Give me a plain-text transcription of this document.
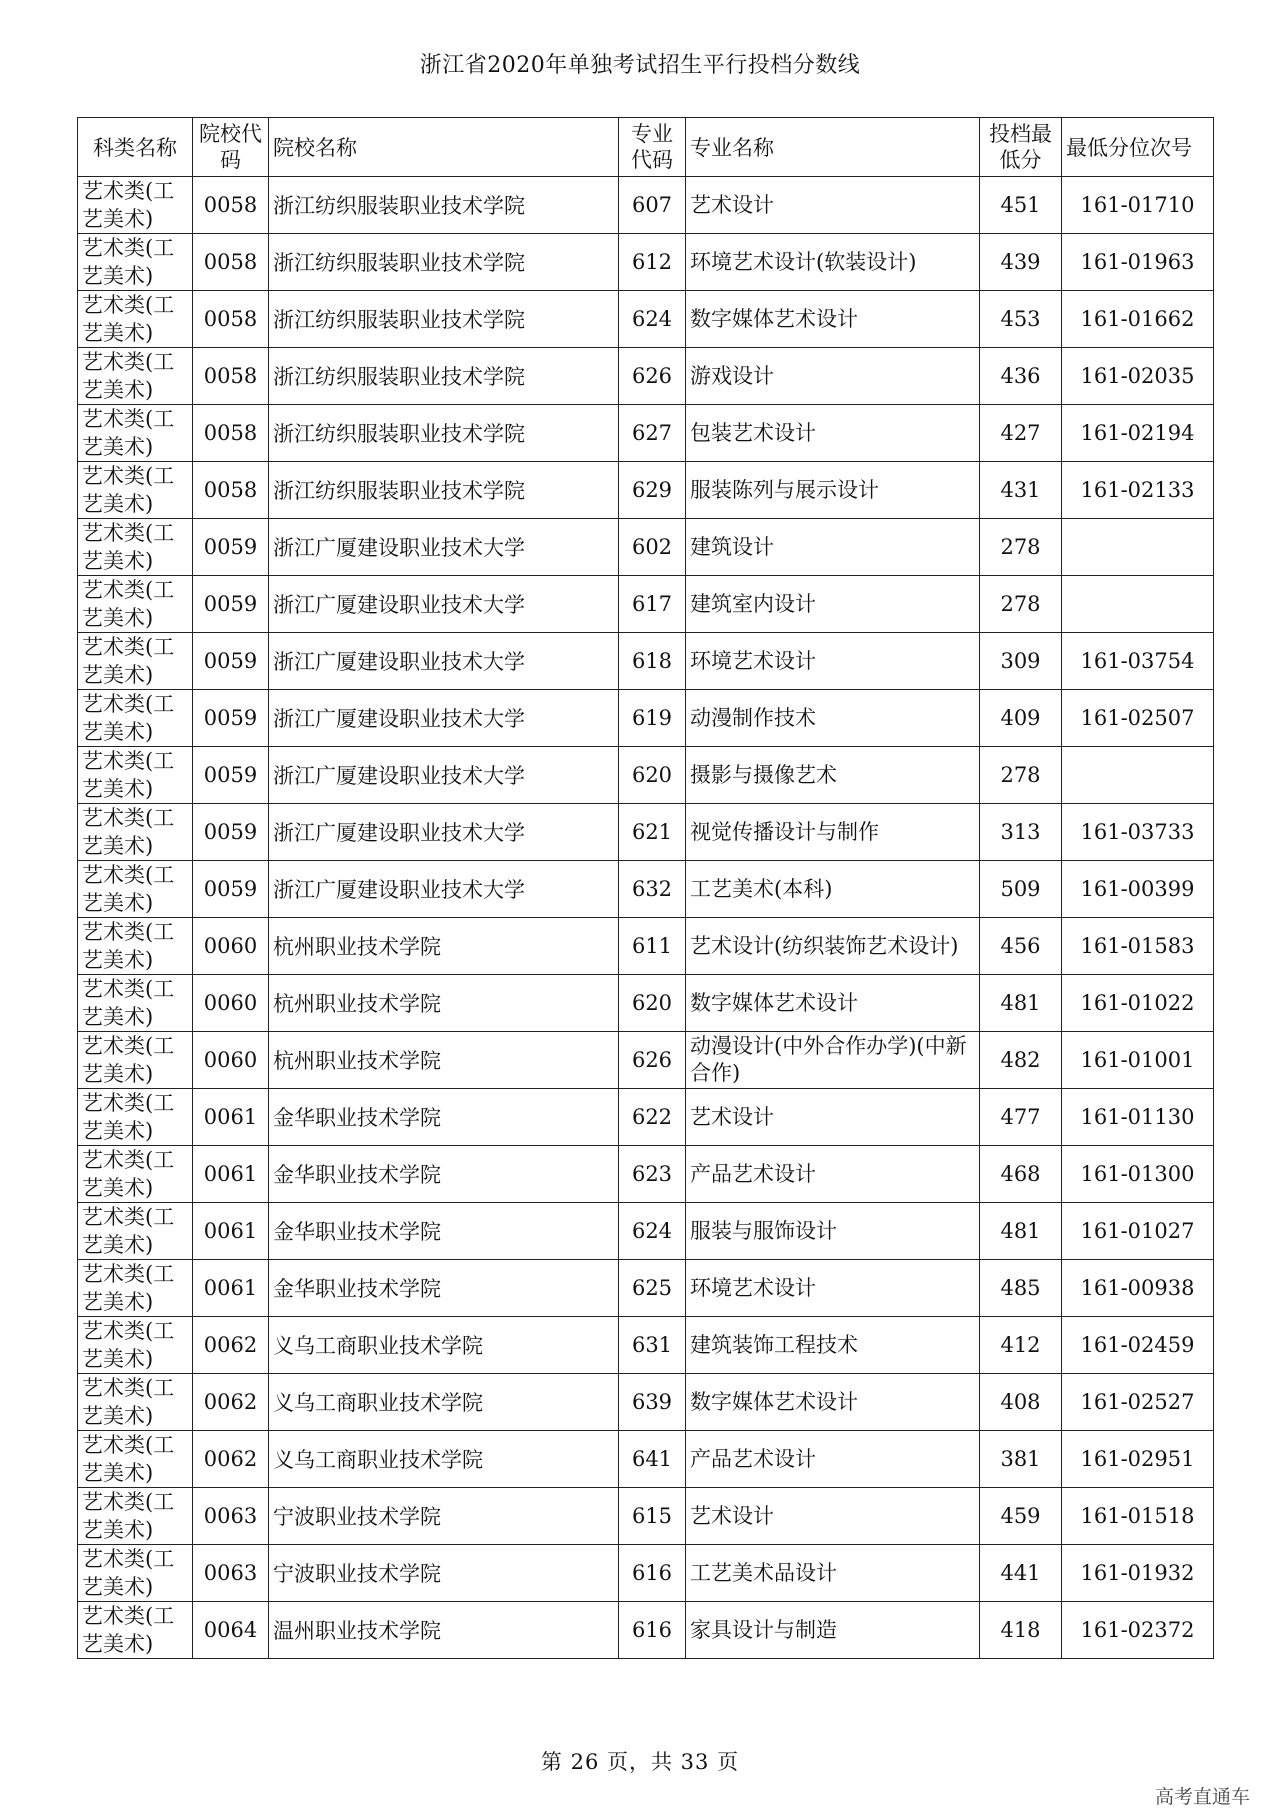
浙江省2020年单独考试招生平行投档分数线
科类名称	院校代码	院校名称	专业代码	专业名称	投档最低分	最低分位次号
艺术类(工艺美术)	0058	浙江纺织服装职业技术学院	607	艺术设计	451	161-01710
艺术类(工艺美术)	0058	浙江纺织服装职业技术学院	612	环境艺术设计(软装设计)	439	161-01963
艺术类(工艺美术)	0058	浙江纺织服装职业技术学院	624	数字媒体艺术设计	453	161-01662
艺术类(工艺美术)	0058	浙江纺织服装职业技术学院	626	游戏设计	436	161-02035
艺术类(工艺美术)	0058	浙江纺织服装职业技术学院	627	包装艺术设计	427	161-02194
艺术类(工艺美术)	0058	浙江纺织服装职业技术学院	629	服装陈列与展示设计	431	161-02133
艺术类(工艺美术)	0059	浙江广厦建设职业技术大学	602	建筑设计	278	
艺术类(工艺美术)	0059	浙江广厦建设职业技术大学	617	建筑室内设计	278	
艺术类(工艺美术)	0059	浙江广厦建设职业技术大学	618	环境艺术设计	309	161-03754
艺术类(工艺美术)	0059	浙江广厦建设职业技术大学	619	动漫制作技术	409	161-02507
艺术类(工艺美术)	0059	浙江广厦建设职业技术大学	620	摄影与摄像艺术	278	
艺术类(工艺美术)	0059	浙江广厦建设职业技术大学	621	视觉传播设计与制作	313	161-03733
艺术类(工艺美术)	0059	浙江广厦建设职业技术大学	632	工艺美术(本科)	509	161-00399
艺术类(工艺美术)	0060	杭州职业技术学院	611	艺术设计(纺织装饰艺术设计)	456	161-01583
艺术类(工艺美术)	0060	杭州职业技术学院	620	数字媒体艺术设计	481	161-01022
艺术类(工艺美术)	0060	杭州职业技术学院	626	动漫设计(中外合作办学)(中新合作)	482	161-01001
艺术类(工艺美术)	0061	金华职业技术学院	622	艺术设计	477	161-01130
艺术类(工艺美术)	0061	金华职业技术学院	623	产品艺术设计	468	161-01300
艺术类(工艺美术)	0061	金华职业技术学院	624	服装与服饰设计	481	161-01027
艺术类(工艺美术)	0061	金华职业技术学院	625	环境艺术设计	485	161-00938
艺术类(工艺美术)	0062	义乌工商职业技术学院	631	建筑装饰工程技术	412	161-02459
艺术类(工艺美术)	0062	义乌工商职业技术学院	639	数字媒体艺术设计	408	161-02527
艺术类(工艺美术)	0062	义乌工商职业技术学院	641	产品艺术设计	381	161-02951
艺术类(工艺美术)	0063	宁波职业技术学院	615	艺术设计	459	161-01518
艺术类(工艺美术)	0063	宁波职业技术学院	616	工艺美术品设计	441	161-01932
艺术类(工艺美术)	0064	温州职业技术学院	616	家具设计与制造	418	161-02372
第 26 页，共 33 页
高考直通车
